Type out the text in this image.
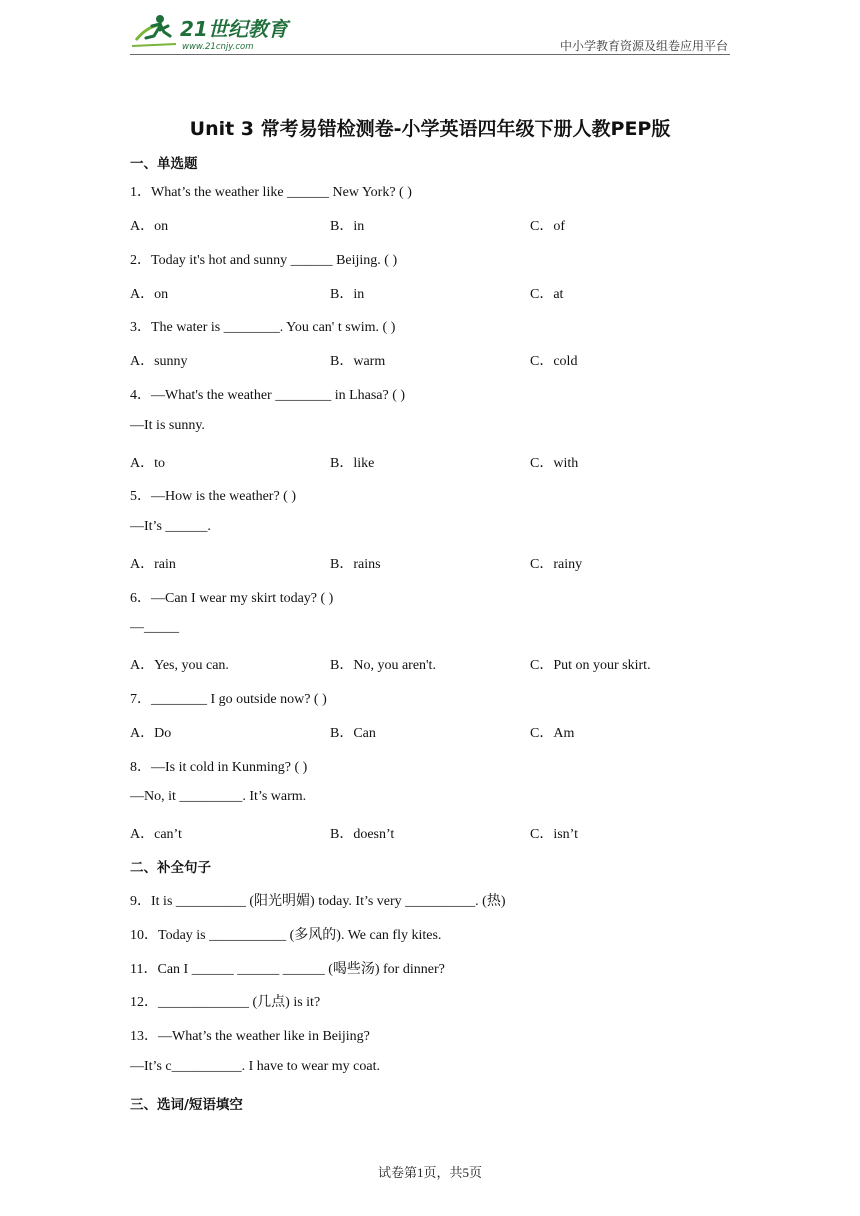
21世纪教育
www.21cnjy.com	中小学教育资源及组卷应用平台
Unit 3 常考易错检测卷-小学英语四年级下册人教PEP版
一、单选题
1．What’s the weather like ______ New York? ( )
A．on	B．in	C．of
2．Today it's hot and sunny ______ Beijing. ( )
A．on	B．in	C．at
3．The water is ________. You can' t swim. ( )
A．sunny	B．warm	C．cold
4．—What's the weather ________ in Lhasa? ( )
—It is sunny.
A．to	B．like	C．with
5．—How is the weather? ( )
—It’s ______.
A．rain	B．rains	C．rainy
6．—Can I wear my skirt today? ( )
—_____
A．Yes, you can.	B．No, you aren't.	C．Put on your skirt.
7．________ I go outside now? ( )
A．Do	B．Can	C．Am
8．—Is it cold in Kunming? ( )
—No, it _________. It’s warm.
A．can’t	B．doesn’t	C．isn’t
二、补全句子
9．It is __________ (阳光明媚) today. It’s very __________. (热)
10．Today is ___________ (多风的). We can fly kites.
11．Can I ______ ______ ______ (喝些汤) for dinner?
12．_____________ (几点) is it?
13．—What’s the weather like in Beijing?
—It’s c__________. I have to wear my coat.
三、选词/短语填空
试卷第1页，共5页
